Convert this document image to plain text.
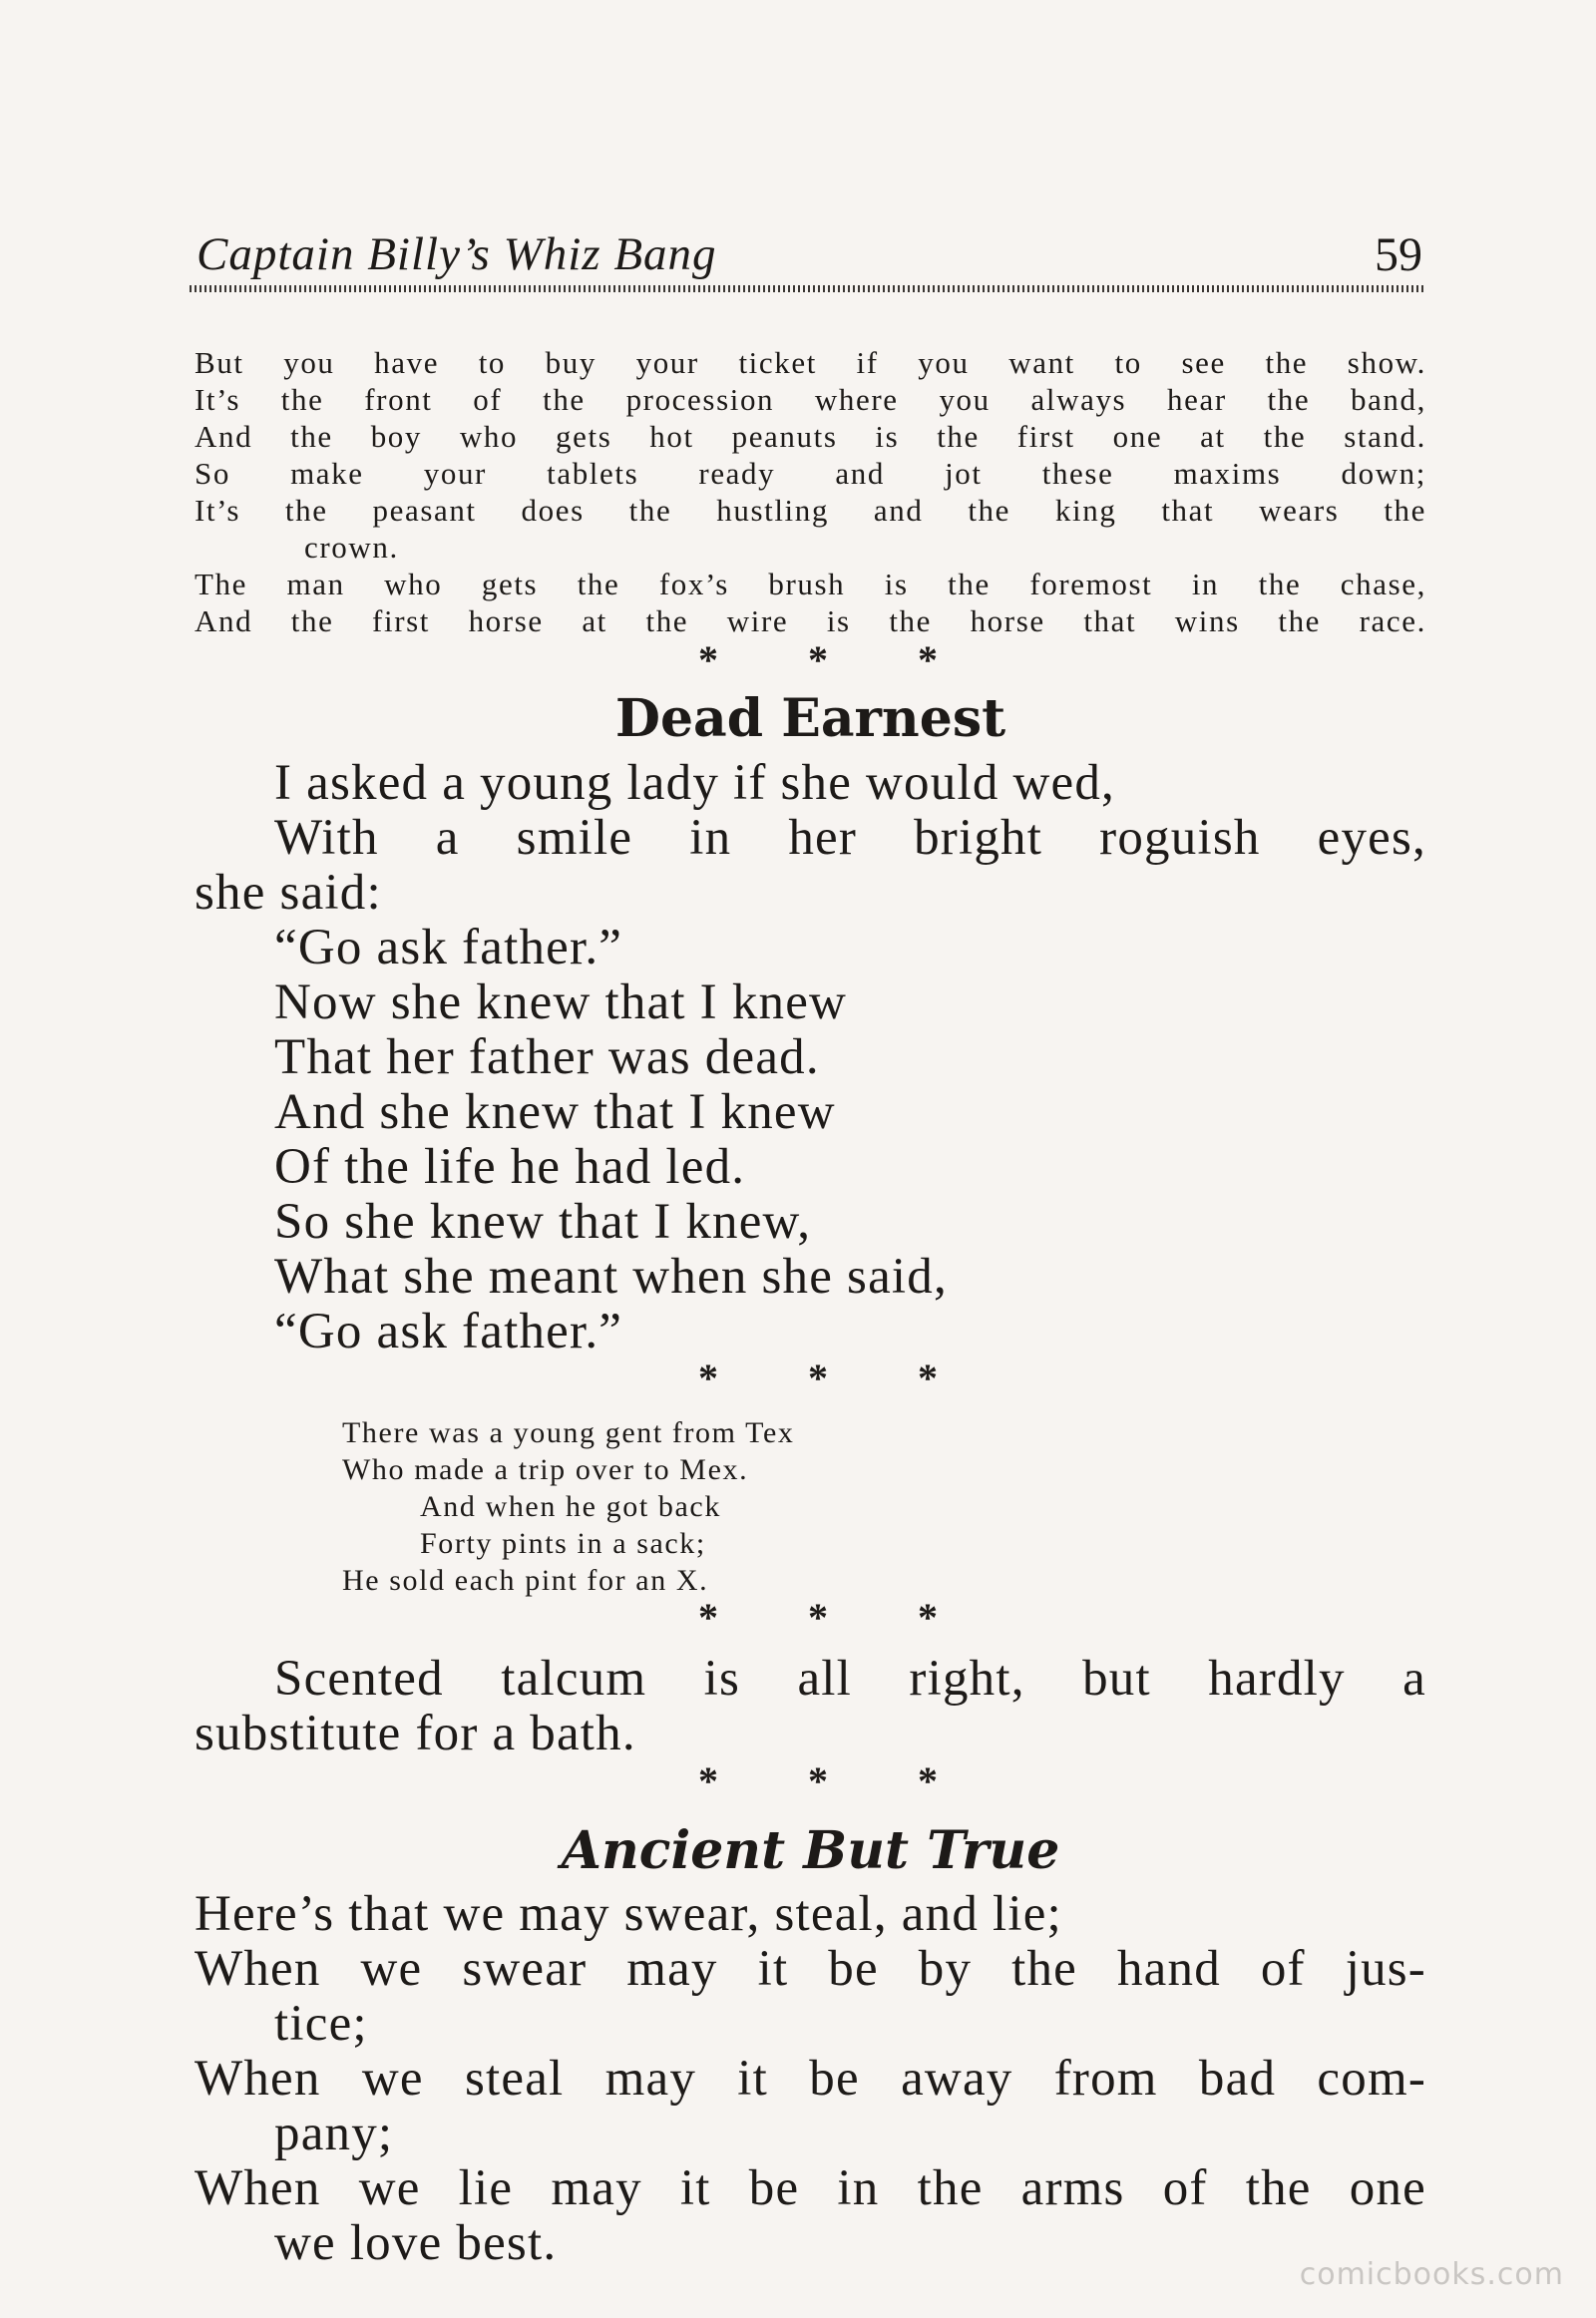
Captain Billy’s Whiz Bang	59

But you have to buy your ticket if you want to see the show.

It’s the front of the procession where you always hear the band,

And the boy who gets hot peanuts is the first one at the stand.

So make your tablets ready and jot these maxims down;

It’s the peasant does the hustling and the king that wears the

crown.

The man who gets the fox’s brush is the foremost in the chase,

And the first horse at the wire is the horse that wins the race.

* * *
Dead Earnest

I asked a young lady if she would wed,

With a smile in her bright roguish eyes,

she said:

“Go ask father.”

Now she knew that I knew

That her father was dead.

And she knew that I knew

Of the life he had led.

So she knew that I knew,

What she meant when she said,

“Go ask father.”

* * *

There was a young gent from Tex

Who made a trip over to Mex.

And when he got back

Forty pints in a sack;

He sold each pint for an X.

* * *

Scented talcum is all right, but hardly a

substitute for a bath.

* * *
Ancient But True

Here’s that we may swear, steal, and lie;

When we swear may it be by the hand of jus-

tice;

When we steal may it be away from bad com-

pany;

When we lie may it be in the arms of the one

we love best.

comicbooks.com
